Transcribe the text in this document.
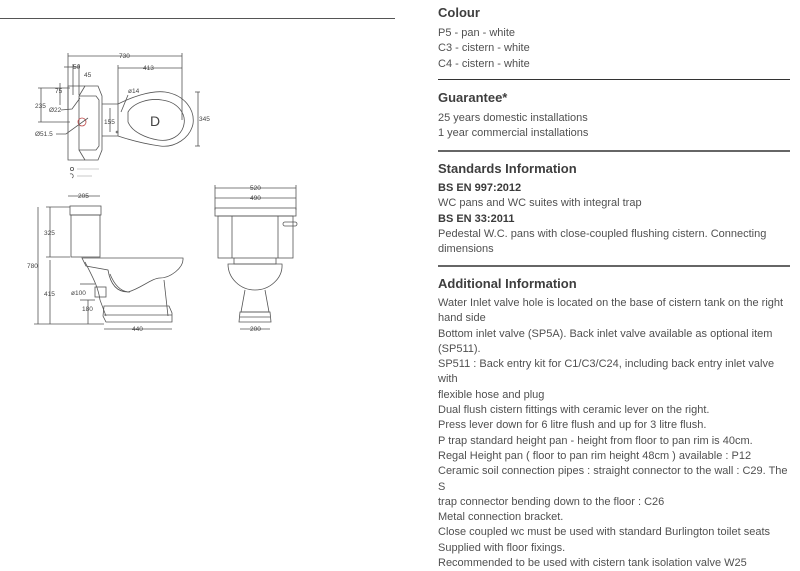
730
50
45
75
235
Ø22
Ø51.5
D
413
ø14
155	345
205
325
780
415 ø100
180
440
520
490
200
Colour
P5 - pan - white
C3 - cistern - white
C4 - cistern - white
Guarantee*
25 years domestic installations
1 year commercial installations
Standards Information
BS EN 997:2012
WC pans and WC suites with integral trap
BS EN 33:2011
Pedestal W.C. pans with close-coupled flushing cistern. Connecting
dimensions
Additional Information
Water Inlet valve hole is located on the base of cistern tank on the right
hand side
Bottom inlet valve (SP5A). Back inlet valve available as optional item
(SP511).
SP511 : Back entry kit for C1/C3/C24, including back entry inlet valve with
flexible hose and plug
Dual flush cistern fittings with ceramic lever on the right.
Press lever down for 6 litre flush and up for 3 litre flush.
P trap standard height pan - height from floor to pan rim is 40cm.
Regal Height pan ( floor to pan rim height 48cm ) available : P12
Ceramic soil connection pipes : straight connector to the wall : C29. The S
trap connector bending down to the floor : C26
Metal connection bracket.
Close coupled wc must be used with standard Burlington toilet seats
Supplied with floor fixings.
Recommended to be used with cistern tank isolation valve W25
